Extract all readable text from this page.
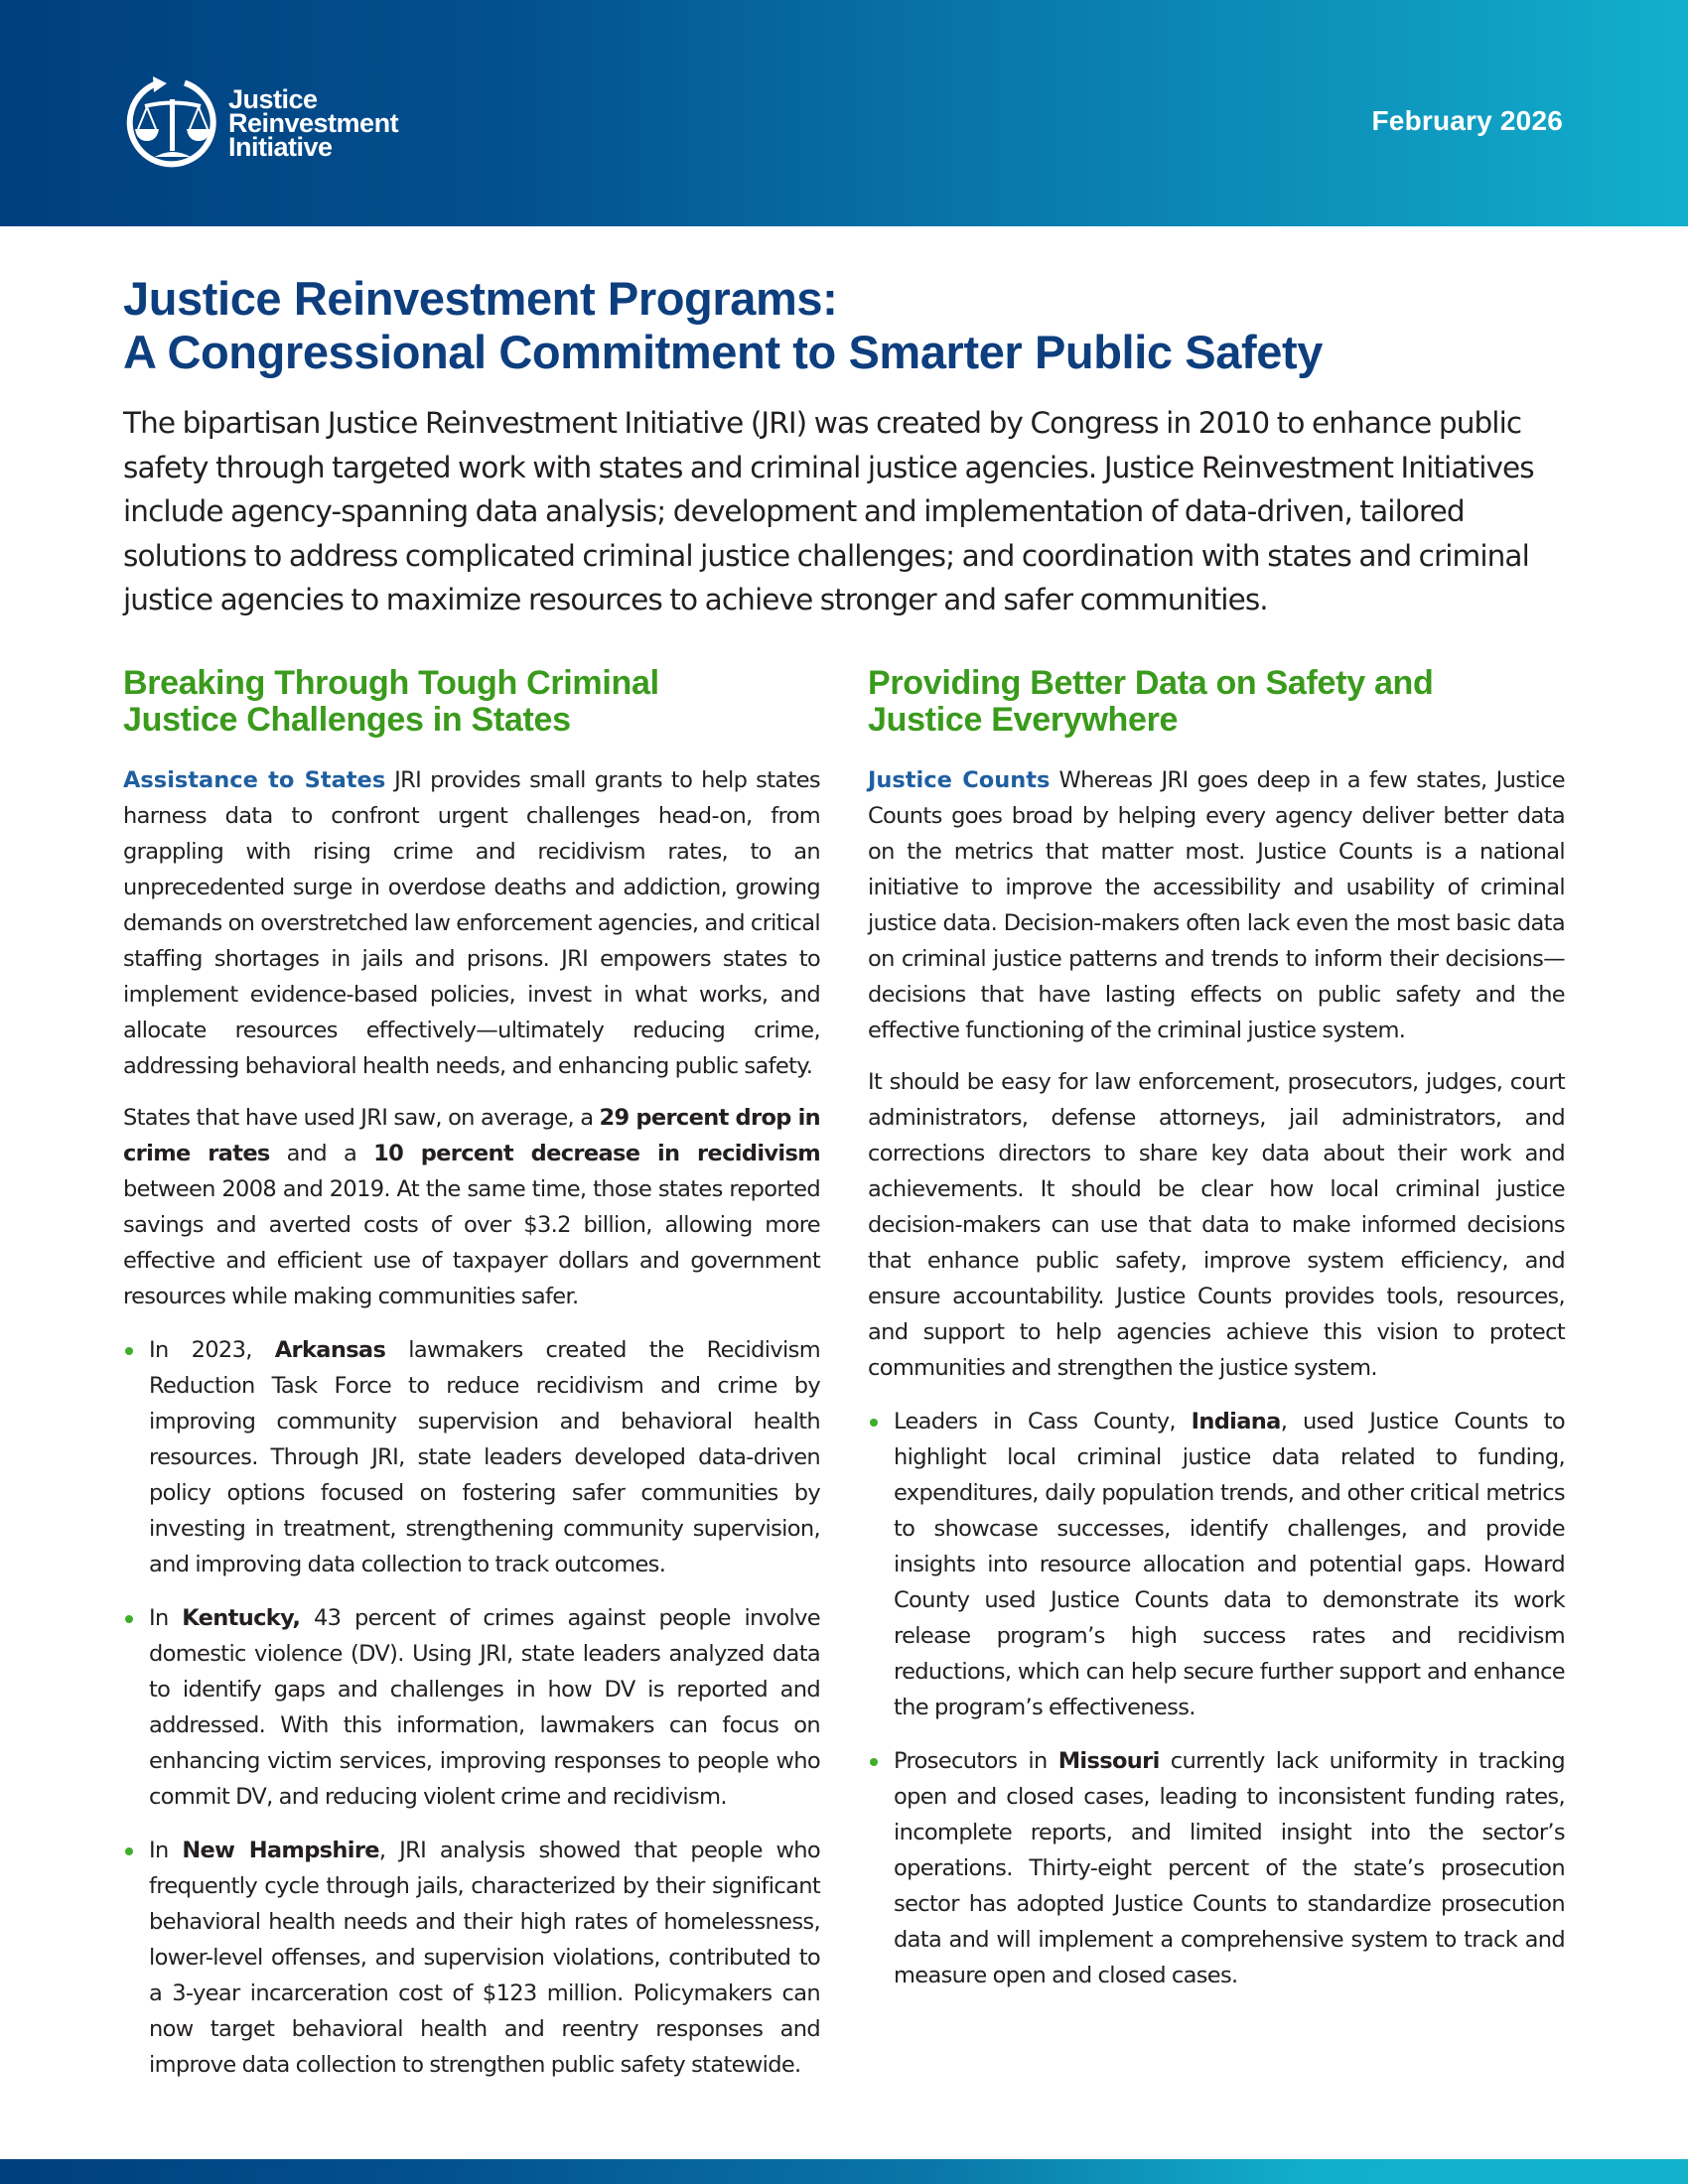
Justice
Reinvestment
Initiative
February 2026
Justice Reinvestment Programs:
A Congressional Commitment to Smarter Public Safety

The bipartisan Justice Reinvestment Initiative (JRI) was created by Congress in 2010 to enhance public safety through targeted work with states and criminal justice agencies. Justice Reinvestment Initiatives include agency-spanning data analysis; development and implementation of data-driven, tailored solutions to address complicated criminal justice challenges; and coordination with states and criminal justice agencies to maximize resources to achieve stronger and safer communities.

Breaking Through Tough Criminal
Justice Challenges in States

Assistance to States JRI provides small grants to help states harness data to confront urgent challenges head-on, from grappling with rising crime and recidivism rates, to an unprecedented surge in overdose deaths and addiction, growing demands on overstretched law enforcement agencies, and critical staffing shortages in jails and prisons. JRI empowers states to implement evidence-based policies, invest in what works, and allocate resources effectively—ultimately reducing crime, addressing behavioral health needs, and enhancing public safety.

States that have used JRI saw, on average, a 29 percent drop in crime rates and a 10 percent decrease in recidivism between 2008 and 2019. At the same time, those states reported savings and averted costs of over $3.2 billion, allowing more effective and efficient use of taxpayer dollars and government resources while making communities safer.

In 2023, Arkansas lawmakers created the Recidivism Reduction Task Force to reduce recidivism and crime by improving community supervision and behavioral health resources. Through JRI, state leaders developed data-driven policy options focused on fostering safer communities by investing in treatment, strengthening community supervision, and improving data collection to track outcomes.
In Kentucky, 43 percent of crimes against people involve domestic violence (DV). Using JRI, state leaders analyzed data to identify gaps and challenges in how DV is reported and addressed. With this information, lawmakers can focus on enhancing victim services, improving responses to people who commit DV, and reducing violent crime and recidivism.
In New Hampshire, JRI analysis showed that people who frequently cycle through jails, characterized by their significant behavioral health needs and their high rates of homelessness, lower-level offenses, and supervision violations, contributed to a 3-year incarceration cost of $123 million. Policymakers can now target behavioral health and reentry responses and improve data collection to strengthen public safety statewide.
Providing Better Data on Safety and
Justice Everywhere

Justice Counts Whereas JRI goes deep in a few states, Justice Counts goes broad by helping every agency deliver better data on the metrics that matter most. Justice Counts is a national initiative to improve the accessibility and usability of criminal justice data. Decision-makers often lack even the most basic data on criminal justice patterns and trends to inform their decisions—decisions that have lasting effects on public safety and the effective functioning of the criminal justice system.

It should be easy for law enforcement, prosecutors, judges, court administrators, defense attorneys, jail administrators, and corrections directors to share key data about their work and achievements. It should be clear how local criminal justice decision-makers can use that data to make informed decisions that enhance public safety, improve system efficiency, and ensure accountability. Justice Counts provides tools, resources, and support to help agencies achieve this vision to protect communities and strengthen the justice system.

Leaders in Cass County, Indiana, used Justice Counts to highlight local criminal justice data related to funding, expenditures, daily population trends, and other critical metrics to showcase successes, identify challenges, and provide insights into resource allocation and potential gaps. Howard County used Justice Counts data to demonstrate its work release program’s high success rates and recidivism reductions, which can help secure further support and enhance the program’s effectiveness.
Prosecutors in Missouri currently lack uniformity in tracking open and closed cases, leading to inconsistent funding rates, incomplete reports, and limited insight into the sector’s operations. Thirty-eight percent of the state’s prosecution sector has adopted Justice Counts to standardize prosecution data and will implement a comprehensive system to track and measure open and closed cases.
